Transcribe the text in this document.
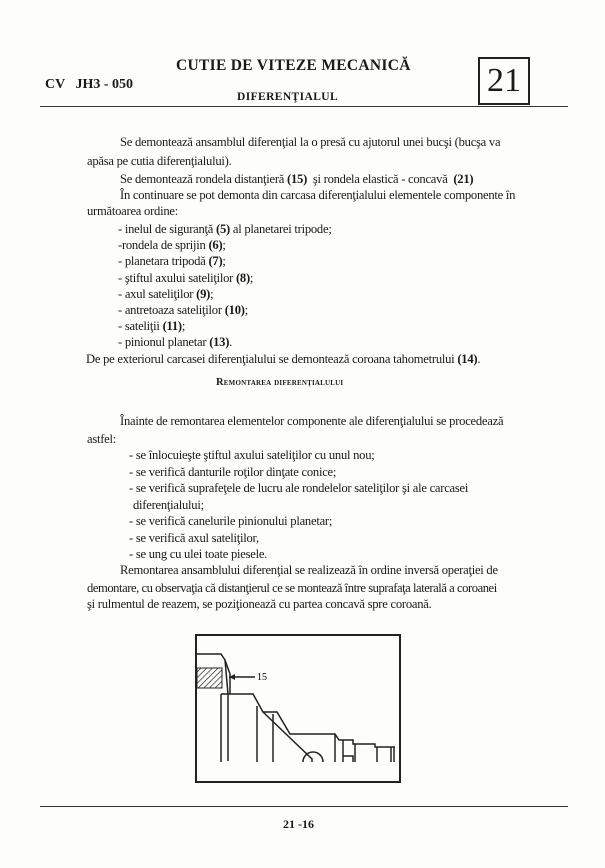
CUTIE DE VITEZE MECANICĂ
CV   JH3 - 050
DIFERENŢIALUL	21
Se demontează ansamblul diferenţial la o presă cu ajutorul unei bucşi (bucşa va
apăsa pe cutia diferenţialului).
Se demontează rondela distanţieră (15)  şi rondela elastică - concavă  (21)
În continuare se pot demonta din carcasa diferenţialului elementele componente în
următoarea ordine:
- inelul de siguranţă (5) al planetarei tripode;
-rondela de sprijin (6);
- planetara tripodă (7);
- ştiftul axului sateliţilor (8);
- axul sateliţilor (9);
- antretoaza sateliţilor (10);
- sateliţii (11);
- pinionul planetar (13).
De pe exteriorul carcasei diferenţialului se demontează coroana tahometrului (14).
Remontarea diferenţialului
Înainte de remontarea elementelor componente ale diferenţialului se procedează
astfel:
- se înlocuieşte ştiftul axului sateliţilor cu unul nou;
- se verifică danturile roţilor dinţate conice;
- se verifică suprafeţele de lucru ale rondelelor sateliţilor şi ale carcasei
diferenţialului;
- se verifică canelurile pinionului planetar;
- se verifică axul sateliţilor,
- se ung cu ulei toate piesele.
Remontarea ansamblului diferenţial se realizează în ordine inversă operaţiei de
demontare, cu observaţia că distanţierul ce se montează între suprafaţa laterală a coroanei
şi rulmentul de reazem, se poziţionează cu partea concavă spre coroană.
15
21 -16
